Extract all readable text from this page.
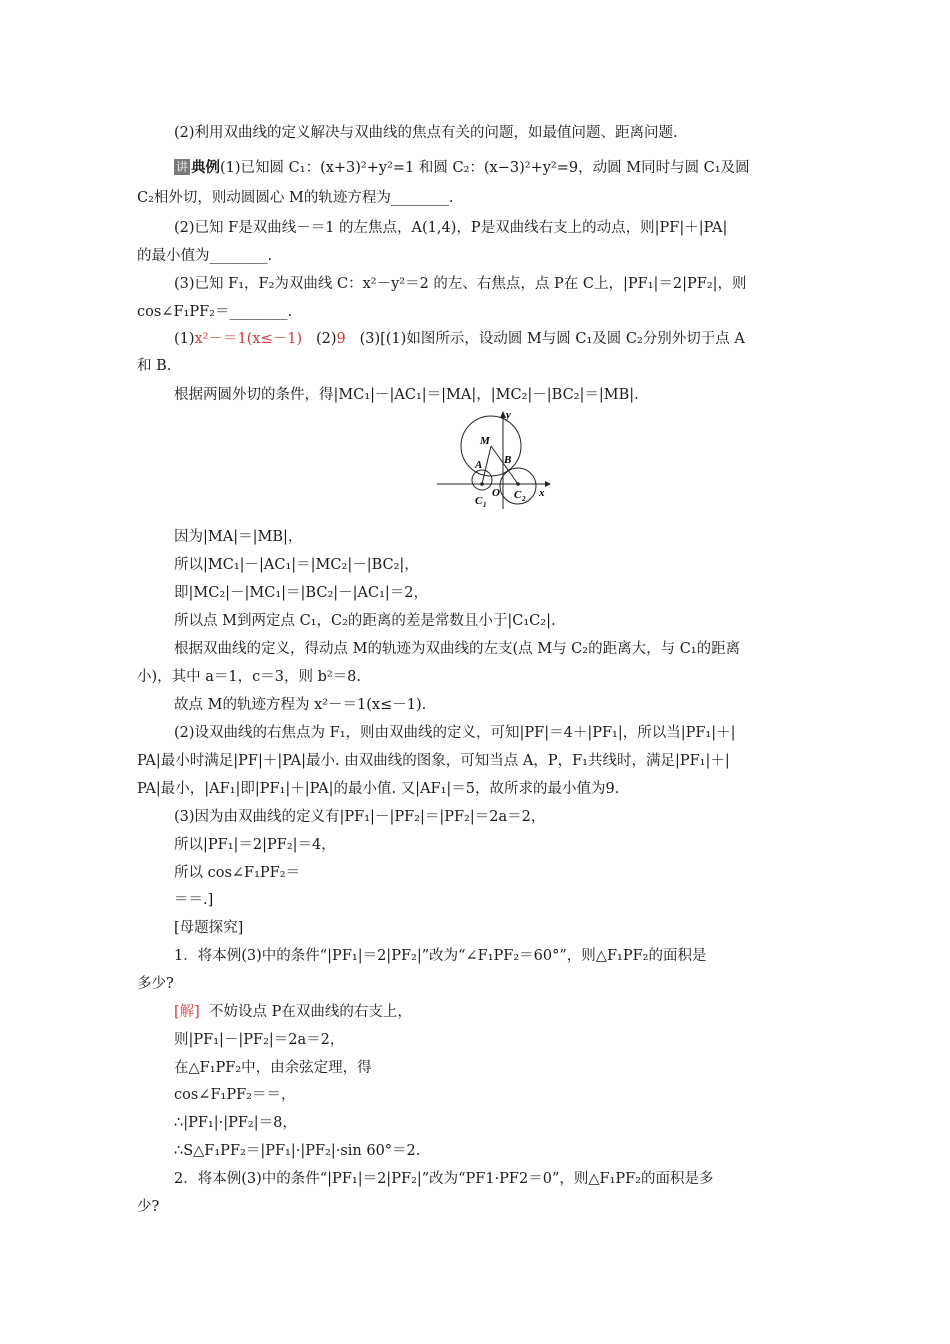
(2)利用双曲线的定义解决与双曲线的焦点有关的问题，如最值问题、距离问题.
讲 典例(1)已知圆 C₁：(x+3)²+y²=1 和圆 C₂：(x−3)²+y²=9，动圆 M同时与圆 C₁及圆
C₂相外切，则动圆圆心 M的轨迹方程为________.
(2)已知 F是双曲线－＝1 的左焦点，A(1,4)，P是双曲线右支上的动点，则|PF|＋|PA|
的最小值为________.
(3)已知 F₁，F₂为双曲线 C：x²－y²＝2 的左、右焦点，点 P在 C上，|PF₁|＝2|PF₂|，则
cos∠F₁PF₂＝________.
(1)x²－＝1(x≤－1) (2)9 (3)[(1)如图所示，设动圆 M与圆 C₁及圆 C₂分别外切于点 A
和 B.
根据两圆外切的条件，得|MC₁|－|AC₁|＝|MA|，|MC₂|－|BC₂|＝|MB|.
M
A B
O
C 1
C 2 x
y
因为|MA|＝|MB|，
所以|MC₁|－|AC₁|＝|MC₂|－|BC₂|，
即|MC₂|－|MC₁|＝|BC₂|－|AC₁|＝2，
所以点 M到两定点 C₁，C₂的距离的差是常数且小于|C₁C₂|.
根据双曲线的定义，得动点 M的轨迹为双曲线的左支(点 M与 C₂的距离大，与 C₁的距离
小)，其中 a＝1，c＝3，则 b²＝8.
故点 M的轨迹方程为 x²－＝1(x≤－1).
(2)设双曲线的右焦点为 F₁，则由双曲线的定义，可知|PF|＝4＋|PF₁|，所以当|PF₁|＋|
PA|最小时满足|PF|＋|PA|最小. 由双曲线的图象，可知当点 A，P，F₁共线时，满足|PF₁|＋|
PA|最小，|AF₁|即|PF₁|＋|PA|的最小值. 又|AF₁|＝5，故所求的最小值为9.
(3)因为由双曲线的定义有|PF₁|－|PF₂|＝|PF₂|＝2a＝2，
所以|PF₁|＝2|PF₂|＝4，
所以 cos∠F₁PF₂＝
＝＝.]
[母题探究]
1．将本例(3)中的条件“|PF₁|＝2|PF₂|”改为“∠F₁PF₂＝60°”，则△F₁PF₂的面积是
多少?
[解] 不妨设点 P在双曲线的右支上，
则|PF₁|－|PF₂|＝2a＝2，
在△F₁PF₂中，由余弦定理，得
cos∠F₁PF₂＝＝，
∴|PF₁|·|PF₂|＝8，
∴S△F₁PF₂＝|PF₁|·|PF₂|·sin 60°＝2.
2．将本例(3)中的条件“|PF₁|＝2|PF₂|”改为“PF1·PF2＝0”，则△F₁PF₂的面积是多
少?
